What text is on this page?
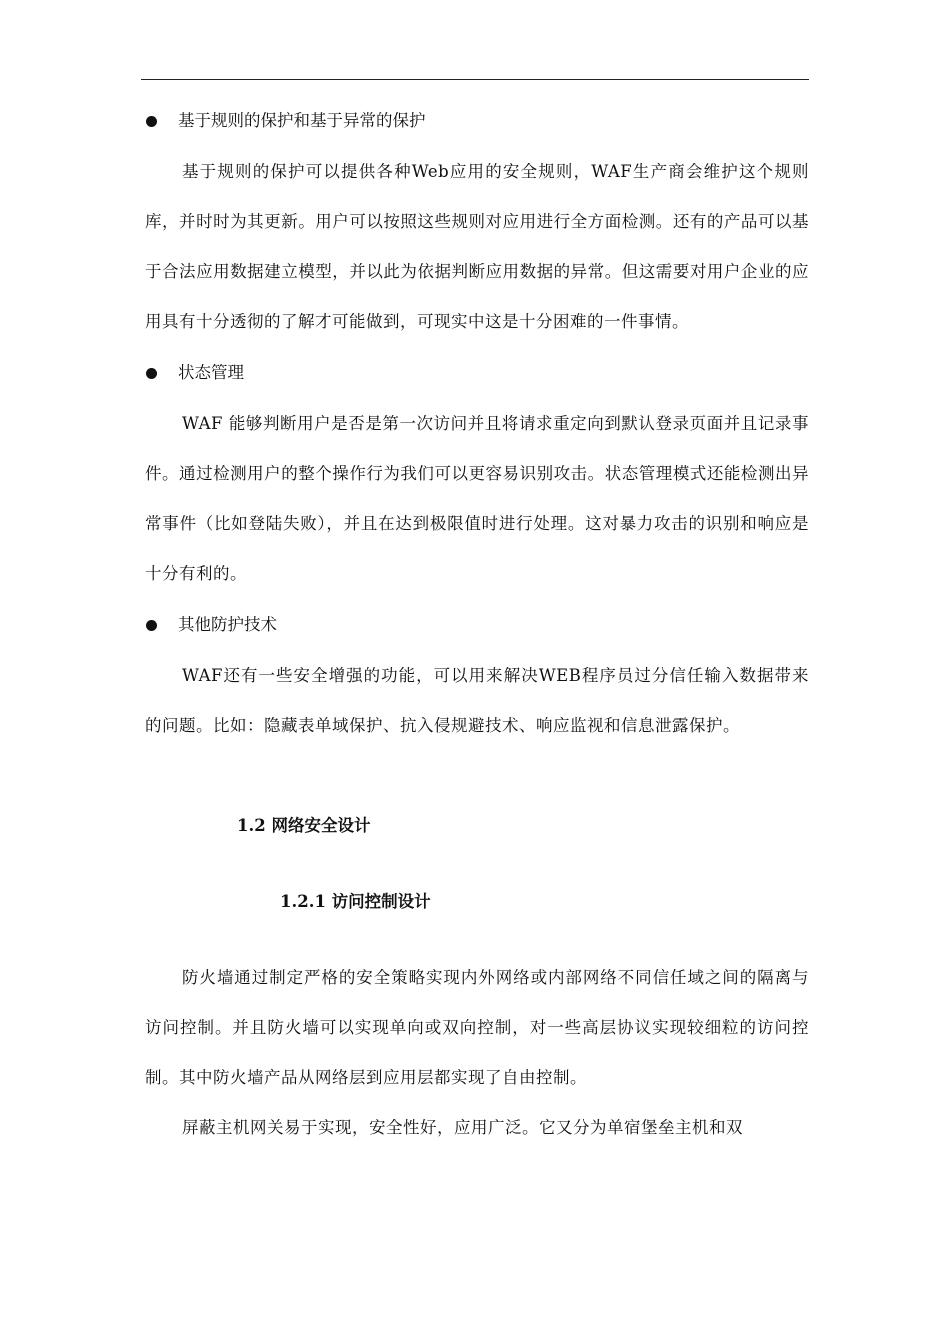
基于规则的保护和基于异常的保护

基于规则的保护可以提供各种Web应用的安全规则，WAF生产商会维护这个规则库，并时时为其更新。用户可以按照这些规则对应用进行全方面检测。还有的产品可以基于合法应用数据建立模型，并以此为依据判断应用数据的异常。但这需要对用户企业的应用具有十分透彻的了解才可能做到，可现实中这是十分困难的一件事情。

状态管理

WAF 能够判断用户是否是第一次访问并且将请求重定向到默认登录页面并且记录事件。通过检测用户的整个操作行为我们可以更容易识别攻击。状态管理模式还能检测出异常事件（比如登陆失败），并且在达到极限值时进行处理。这对暴力攻击的识别和响应是十分有利的。

其他防护技术

WAF还有一些安全增强的功能，可以用来解决WEB程序员过分信任输入数据带来的问题。比如：隐藏表单域保护、抗入侵规避技术、响应监视和信息泄露保护。

1.2 网络安全设计

1.2.1 访问控制设计

防火墙通过制定严格的安全策略实现内外网络或内部网络不同信任域之间的隔离与访问控制。并且防火墙可以实现单向或双向控制，对一些高层协议实现较细粒的访问控制。其中防火墙产品从网络层到应用层都实现了自由控制。

屏蔽主机网关易于实现，安全性好，应用广泛。它又分为单宿堡垒主机和双
